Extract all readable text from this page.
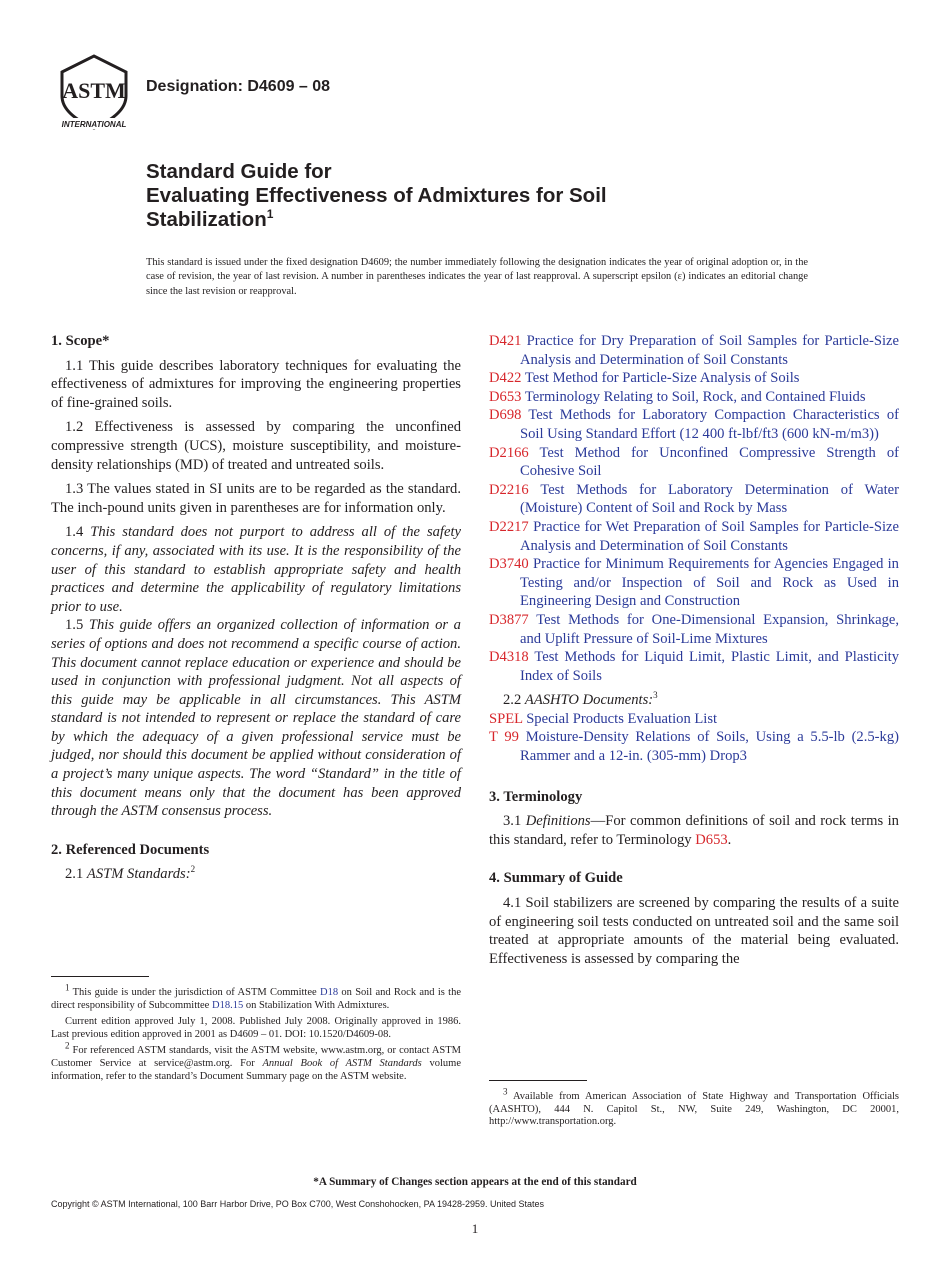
ASTM
INTERNATIONAL
Designation: D4609 – 08
Standard Guide for
Evaluating Effectiveness of Admixtures for Soil
Stabilization$^1$
This standard is issued under the fixed designation D4609; the number immediately following the designation indicates the year of original adoption or, in the case of revision, the year of last revision. A number in parentheses indicates the year of last reapproval. A superscript epsilon (ε) indicates an editorial change since the last revision or reapproval.

1. Scope*

1.1 This guide describes laboratory techniques for evaluating the effectiveness of admixtures for improving the engineering properties of fine-grained soils.

1.2 Effectiveness is assessed by comparing the unconfined compressive strength (UCS), moisture susceptibility, and moisture-density relationships (MD) of treated and untreated soils.

1.3 The values stated in SI units are to be regarded as the standard. The inch-pound units given in parentheses are for information only.

1.4 This standard does not purport to address all of the safety concerns, if any, associated with its use. It is the responsibility of the user of this standard to establish appropriate safety and health practices and determine the applicability of regulatory limitations prior to use.

1.5 This guide offers an organized collection of information or a series of options and does not recommend a specific course of action. This document cannot replace education or experience and should be used in conjunction with professional judgment. Not all aspects of this guide may be applicable in all circumstances. This ASTM standard is not intended to represent or replace the standard of care by which the adequacy of a given professional service must be judged, nor should this document be applied without consideration of a project’s many unique aspects. The word “Standard” in the title of this document means only that the document has been approved through the ASTM consensus process.

2. Referenced Documents

2.1 ASTM Standards:$^2$

$^1$ This guide is under the jurisdiction of ASTM Committee D18 on Soil and Rock and is the direct responsibility of Subcommittee D18.15 on Stabilization With Admixtures.

Current edition approved July 1, 2008. Published July 2008. Originally approved in 1986. Last previous edition approved in 2001 as D4609 – 01. DOI: 10.1520/D4609-08.

$^2$ For referenced ASTM standards, visit the ASTM website, www.astm.org, or contact ASTM Customer Service at service@astm.org. For Annual Book of ASTM Standards volume information, refer to the standard’s Document Summary page on the ASTM website.

D421 Practice for Dry Preparation of Soil Samples for Particle-Size Analysis and Determination of Soil Constants

D422 Test Method for Particle-Size Analysis of Soils

D653 Terminology Relating to Soil, Rock, and Contained Fluids

D698 Test Methods for Laboratory Compaction Characteristics of Soil Using Standard Effort (12 400 ft-lbf/ft3 (600 kN-m/m3))

D2166 Test Method for Unconfined Compressive Strength of Cohesive Soil

D2216 Test Methods for Laboratory Determination of Water (Moisture) Content of Soil and Rock by Mass

D2217 Practice for Wet Preparation of Soil Samples for Particle-Size Analysis and Determination of Soil Constants

D3740 Practice for Minimum Requirements for Agencies Engaged in Testing and/or Inspection of Soil and Rock as Used in Engineering Design and Construction

D3877 Test Methods for One-Dimensional Expansion, Shrinkage, and Uplift Pressure of Soil-Lime Mixtures

D4318 Test Methods for Liquid Limit, Plastic Limit, and Plasticity Index of Soils

2.2 AASHTO Documents:$^3$

SPEL Special Products Evaluation List

T 99 Moisture-Density Relations of Soils, Using a 5.5-lb (2.5-kg) Rammer and a 12-in. (305-mm) Drop3

3. Terminology

3.1 Definitions—For common definitions of soil and rock terms in this standard, refer to Terminology D653.

4. Summary of Guide

4.1 Soil stabilizers are screened by comparing the results of a suite of engineering soil tests conducted on untreated soil and the same soil treated at appropriate amounts of the material being evaluated. Effectiveness is assessed by comparing the

$^3$ Available from American Association of State Highway and Transportation Officials (AASHTO), 444 N. Capitol St., NW, Suite 249, Washington, DC 20001, http://www.transportation.org.

*A Summary of Changes section appears at the end of this standard
Copyright © ASTM International, 100 Barr Harbor Drive, PO Box C700, West Conshohocken, PA 19428-2959. United States
1
